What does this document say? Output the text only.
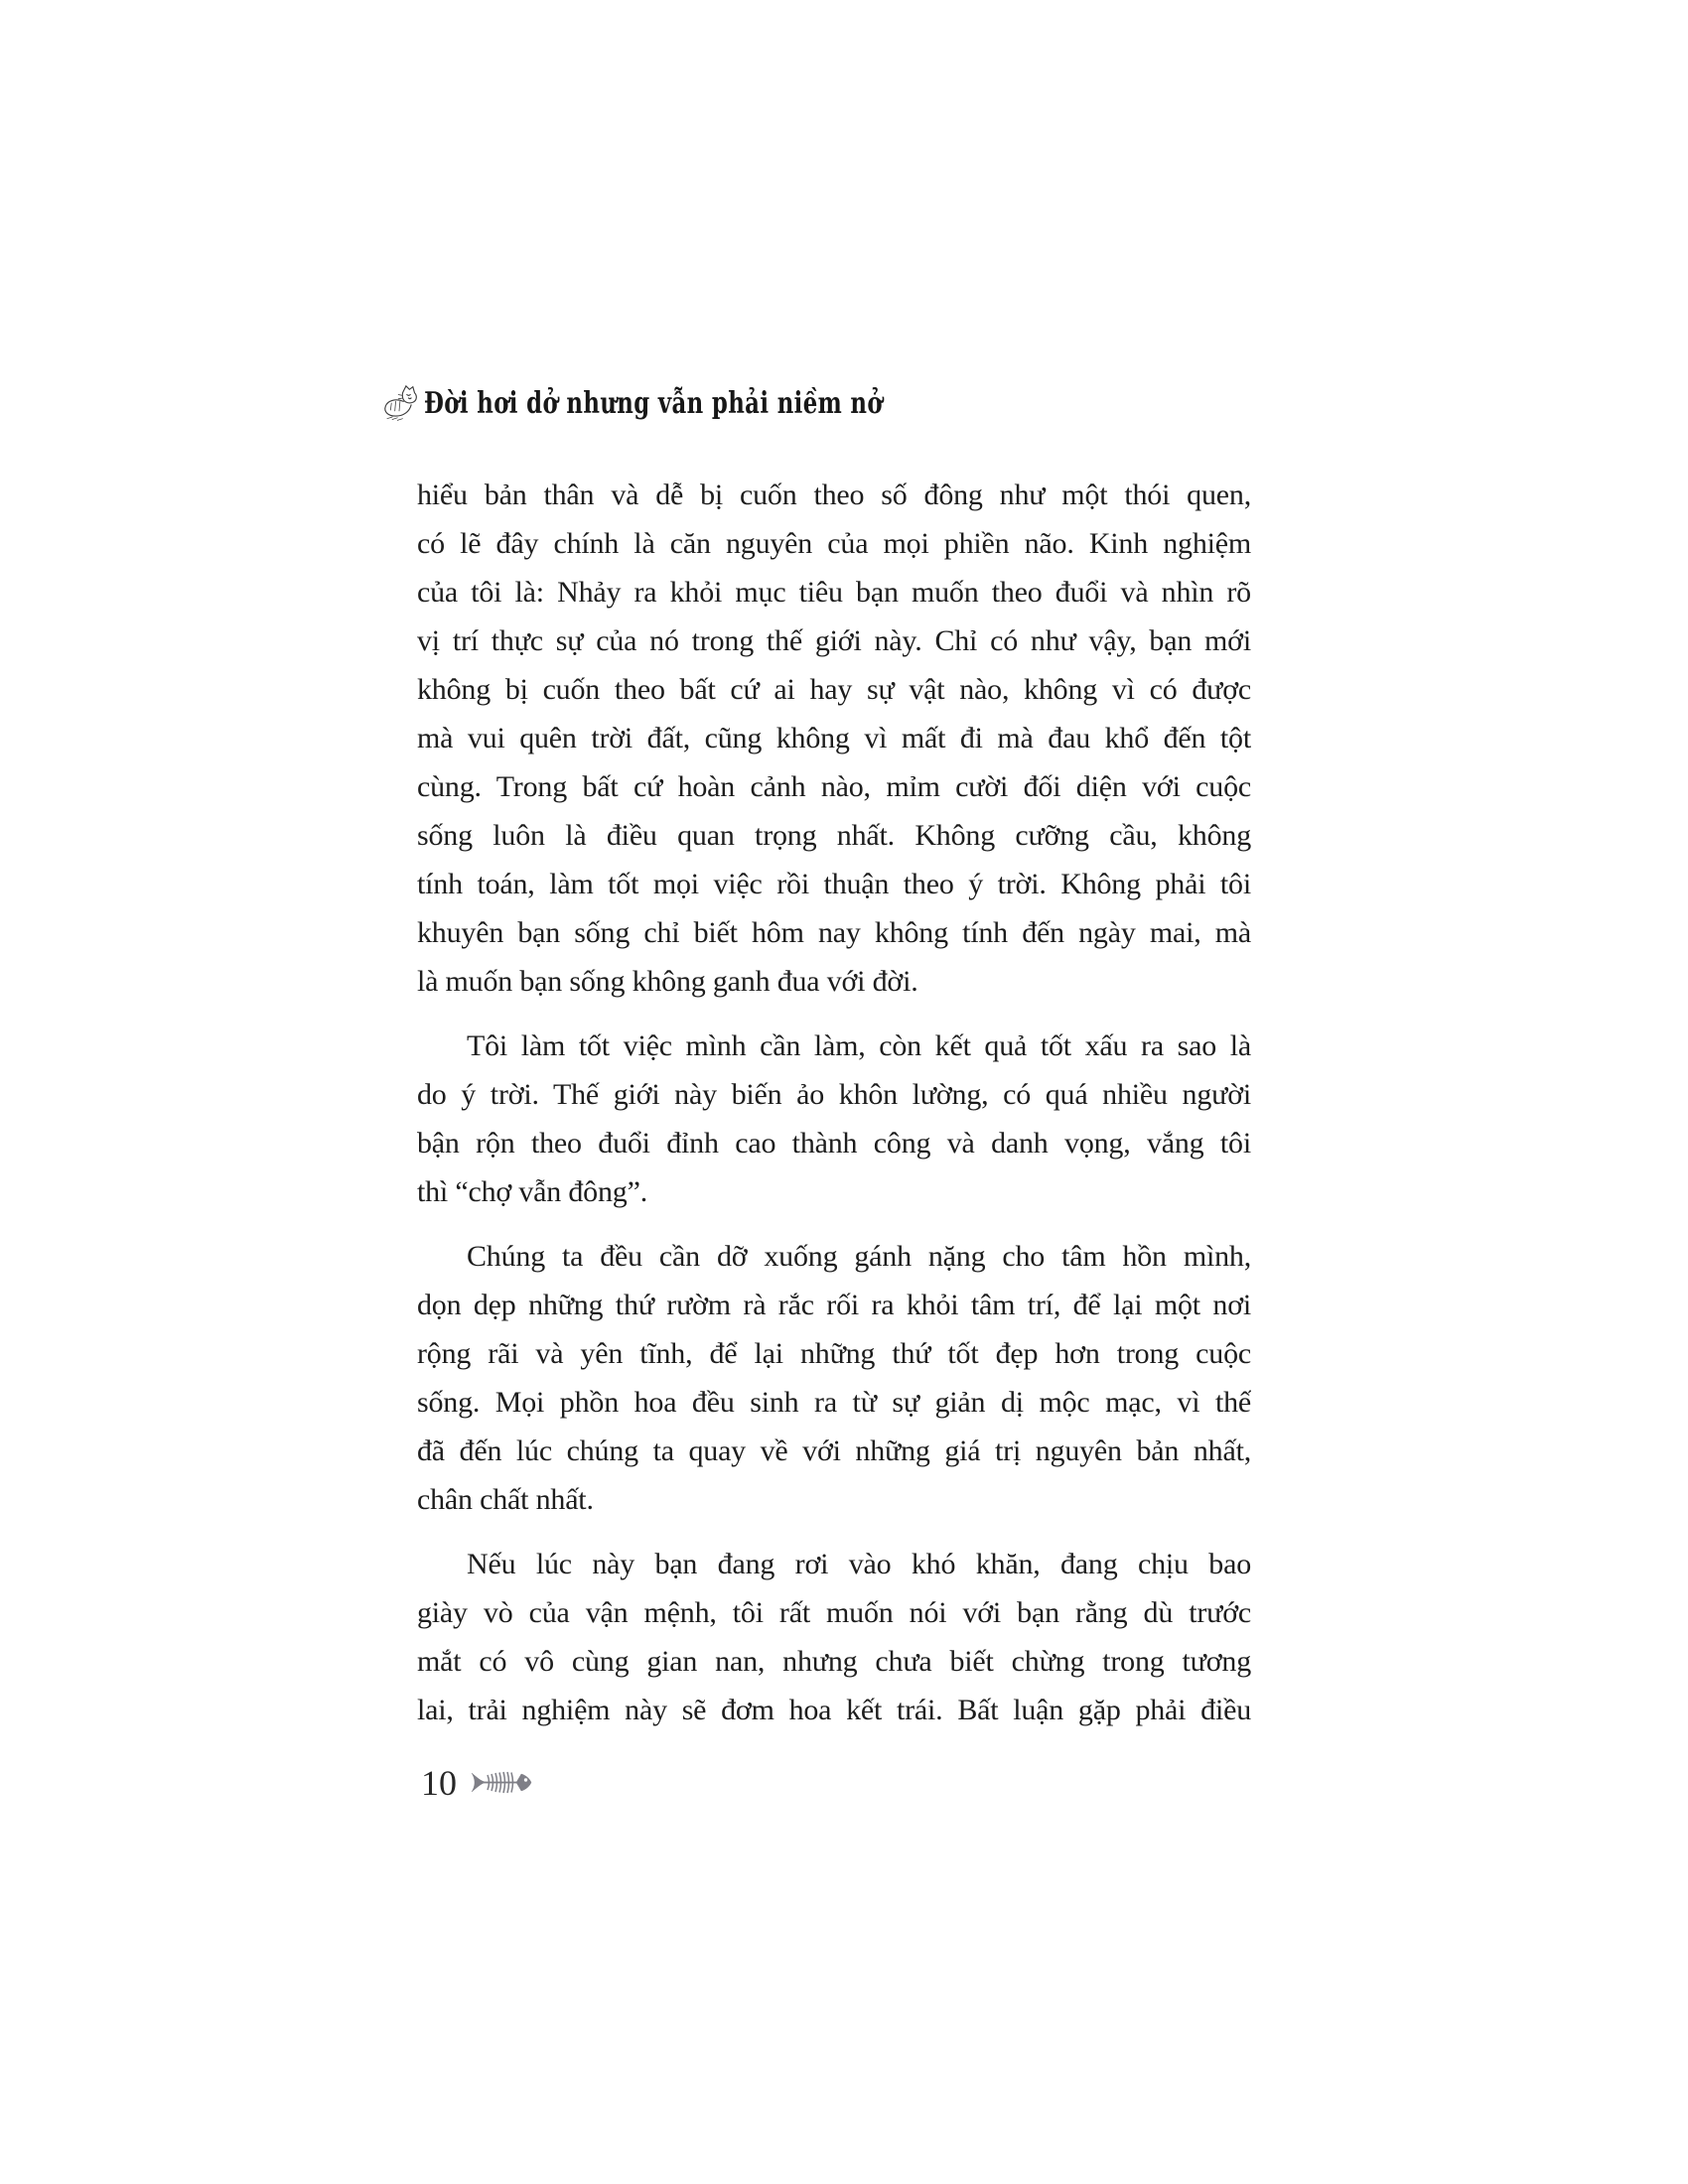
Đời hơi dở nhưng vẫn phải niềm nở
hiểu bản thân và dễ bị cuốn theo số đông như một thói quen,
có lẽ đây chính là căn nguyên của mọi phiền não. Kinh nghiệm
của tôi là: Nhảy ra khỏi mục tiêu bạn muốn theo đuổi và nhìn rõ
vị trí thực sự của nó trong thế giới này. Chỉ có như vậy, bạn mới
không bị cuốn theo bất cứ ai hay sự vật nào, không vì có được
mà vui quên trời đất, cũng không vì mất đi mà đau khổ đến tột
cùng. Trong bất cứ hoàn cảnh nào, mỉm cười đối diện với cuộc
sống luôn là điều quan trọng nhất. Không cưỡng cầu, không
tính toán, làm tốt mọi việc rồi thuận theo ý trời. Không phải tôi
khuyên bạn sống chỉ biết hôm nay không tính đến ngày mai, mà
là muốn bạn sống không ganh đua với đời.
Tôi làm tốt việc mình cần làm, còn kết quả tốt xấu ra sao là
do ý trời. Thế giới này biến ảo khôn lường, có quá nhiều người
bận rộn theo đuổi đỉnh cao thành công và danh vọng, vắng tôi
thì “chợ vẫn đông”.
Chúng ta đều cần dỡ xuống gánh nặng cho tâm hồn mình,
dọn dẹp những thứ rườm rà rắc rối ra khỏi tâm trí, để lại một nơi
rộng rãi và yên tĩnh, để lại những thứ tốt đẹp hơn trong cuộc
sống. Mọi phồn hoa đều sinh ra từ sự giản dị mộc mạc, vì thế
đã đến lúc chúng ta quay về với những giá trị nguyên bản nhất,
chân chất nhất.
Nếu lúc này bạn đang rơi vào khó khăn, đang chịu bao
giày vò của vận mệnh, tôi rất muốn nói với bạn rằng dù trước
mắt có vô cùng gian nan, nhưng chưa biết chừng trong tương
lai, trải nghiệm này sẽ đơm hoa kết trái. Bất luận gặp phải điều
10
